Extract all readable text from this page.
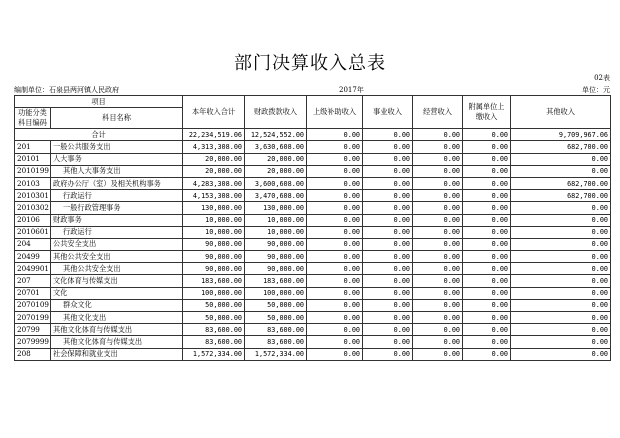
部门决算收入总表
02表
编制单位：石泉县两河镇人民政府	2017年	单位：元
项目		本年收入合计	财政拨款收入	上级补助收入	事业收入	经营收入	附属单位上缴收入	其他收入
功能分类科目编码	科目名称							

合计		22,234,519.06	12,524,552.00	0.00	0.00	0.00	0.00	9,709,967.06
201	一般公共服务支出	4,313,308.00	3,630,608.00	0.00	0.00	0.00	0.00	682,700.00
20101	人大事务	20,000.00	20,000.00	0.00	0.00	0.00	0.00	0.00
2010199	其他人大事务支出	20,000.00	20,000.00	0.00	0.00	0.00	0.00	0.00
20103	政府办公厅（室）及相关机构事务	4,283,308.00	3,600,608.00	0.00	0.00	0.00	0.00	682,700.00
2010301	行政运行	4,153,308.00	3,470,608.00	0.00	0.00	0.00	0.00	682,700.00
2010302	一般行政管理事务	130,000.00	130,000.00	0.00	0.00	0.00	0.00	0.00
20106	财政事务	10,000.00	10,000.00	0.00	0.00	0.00	0.00	0.00
2010601	行政运行	10,000.00	10,000.00	0.00	0.00	0.00	0.00	0.00
204	公共安全支出	90,000.00	90,000.00	0.00	0.00	0.00	0.00	0.00
20499	其他公共安全支出	90,000.00	90,000.00	0.00	0.00	0.00	0.00	0.00
2049901	其他公共安全支出	90,000.00	90,000.00	0.00	0.00	0.00	0.00	0.00
207	文化体育与传媒支出	183,600.00	183,600.00	0.00	0.00	0.00	0.00	0.00
20701	文化	100,000.00	100,000.00	0.00	0.00	0.00	0.00	0.00
2070109	群众文化	50,000.00	50,000.00	0.00	0.00	0.00	0.00	0.00
2070199	其他文化支出	50,000.00	50,000.00	0.00	0.00	0.00	0.00	0.00
20799	其他文化体育与传媒支出	83,600.00	83,600.00	0.00	0.00	0.00	0.00	0.00
2079999	其他文化体育与传媒支出	83,600.00	83,600.00	0.00	0.00	0.00	0.00	0.00
208	社会保障和就业支出	1,572,334.00	1,572,334.00	0.00	0.00	0.00	0.00	0.00
